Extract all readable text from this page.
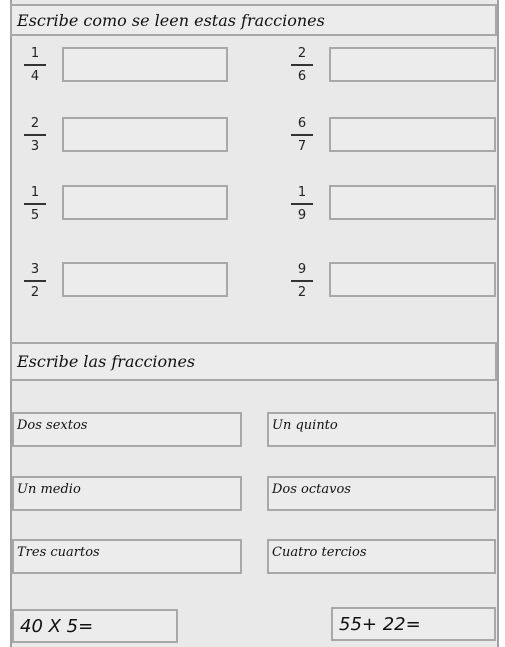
Escribe como se leen estas fracciones
1
4
2
6
2
3
6
7
1
5
1
9
3
2
9
2
Escribe las fracciones
Dos sextos	Un quinto
Un medio	Dos octavos
Tres cuartos	Cuatro tercios
40 X 5=	55+ 22=
